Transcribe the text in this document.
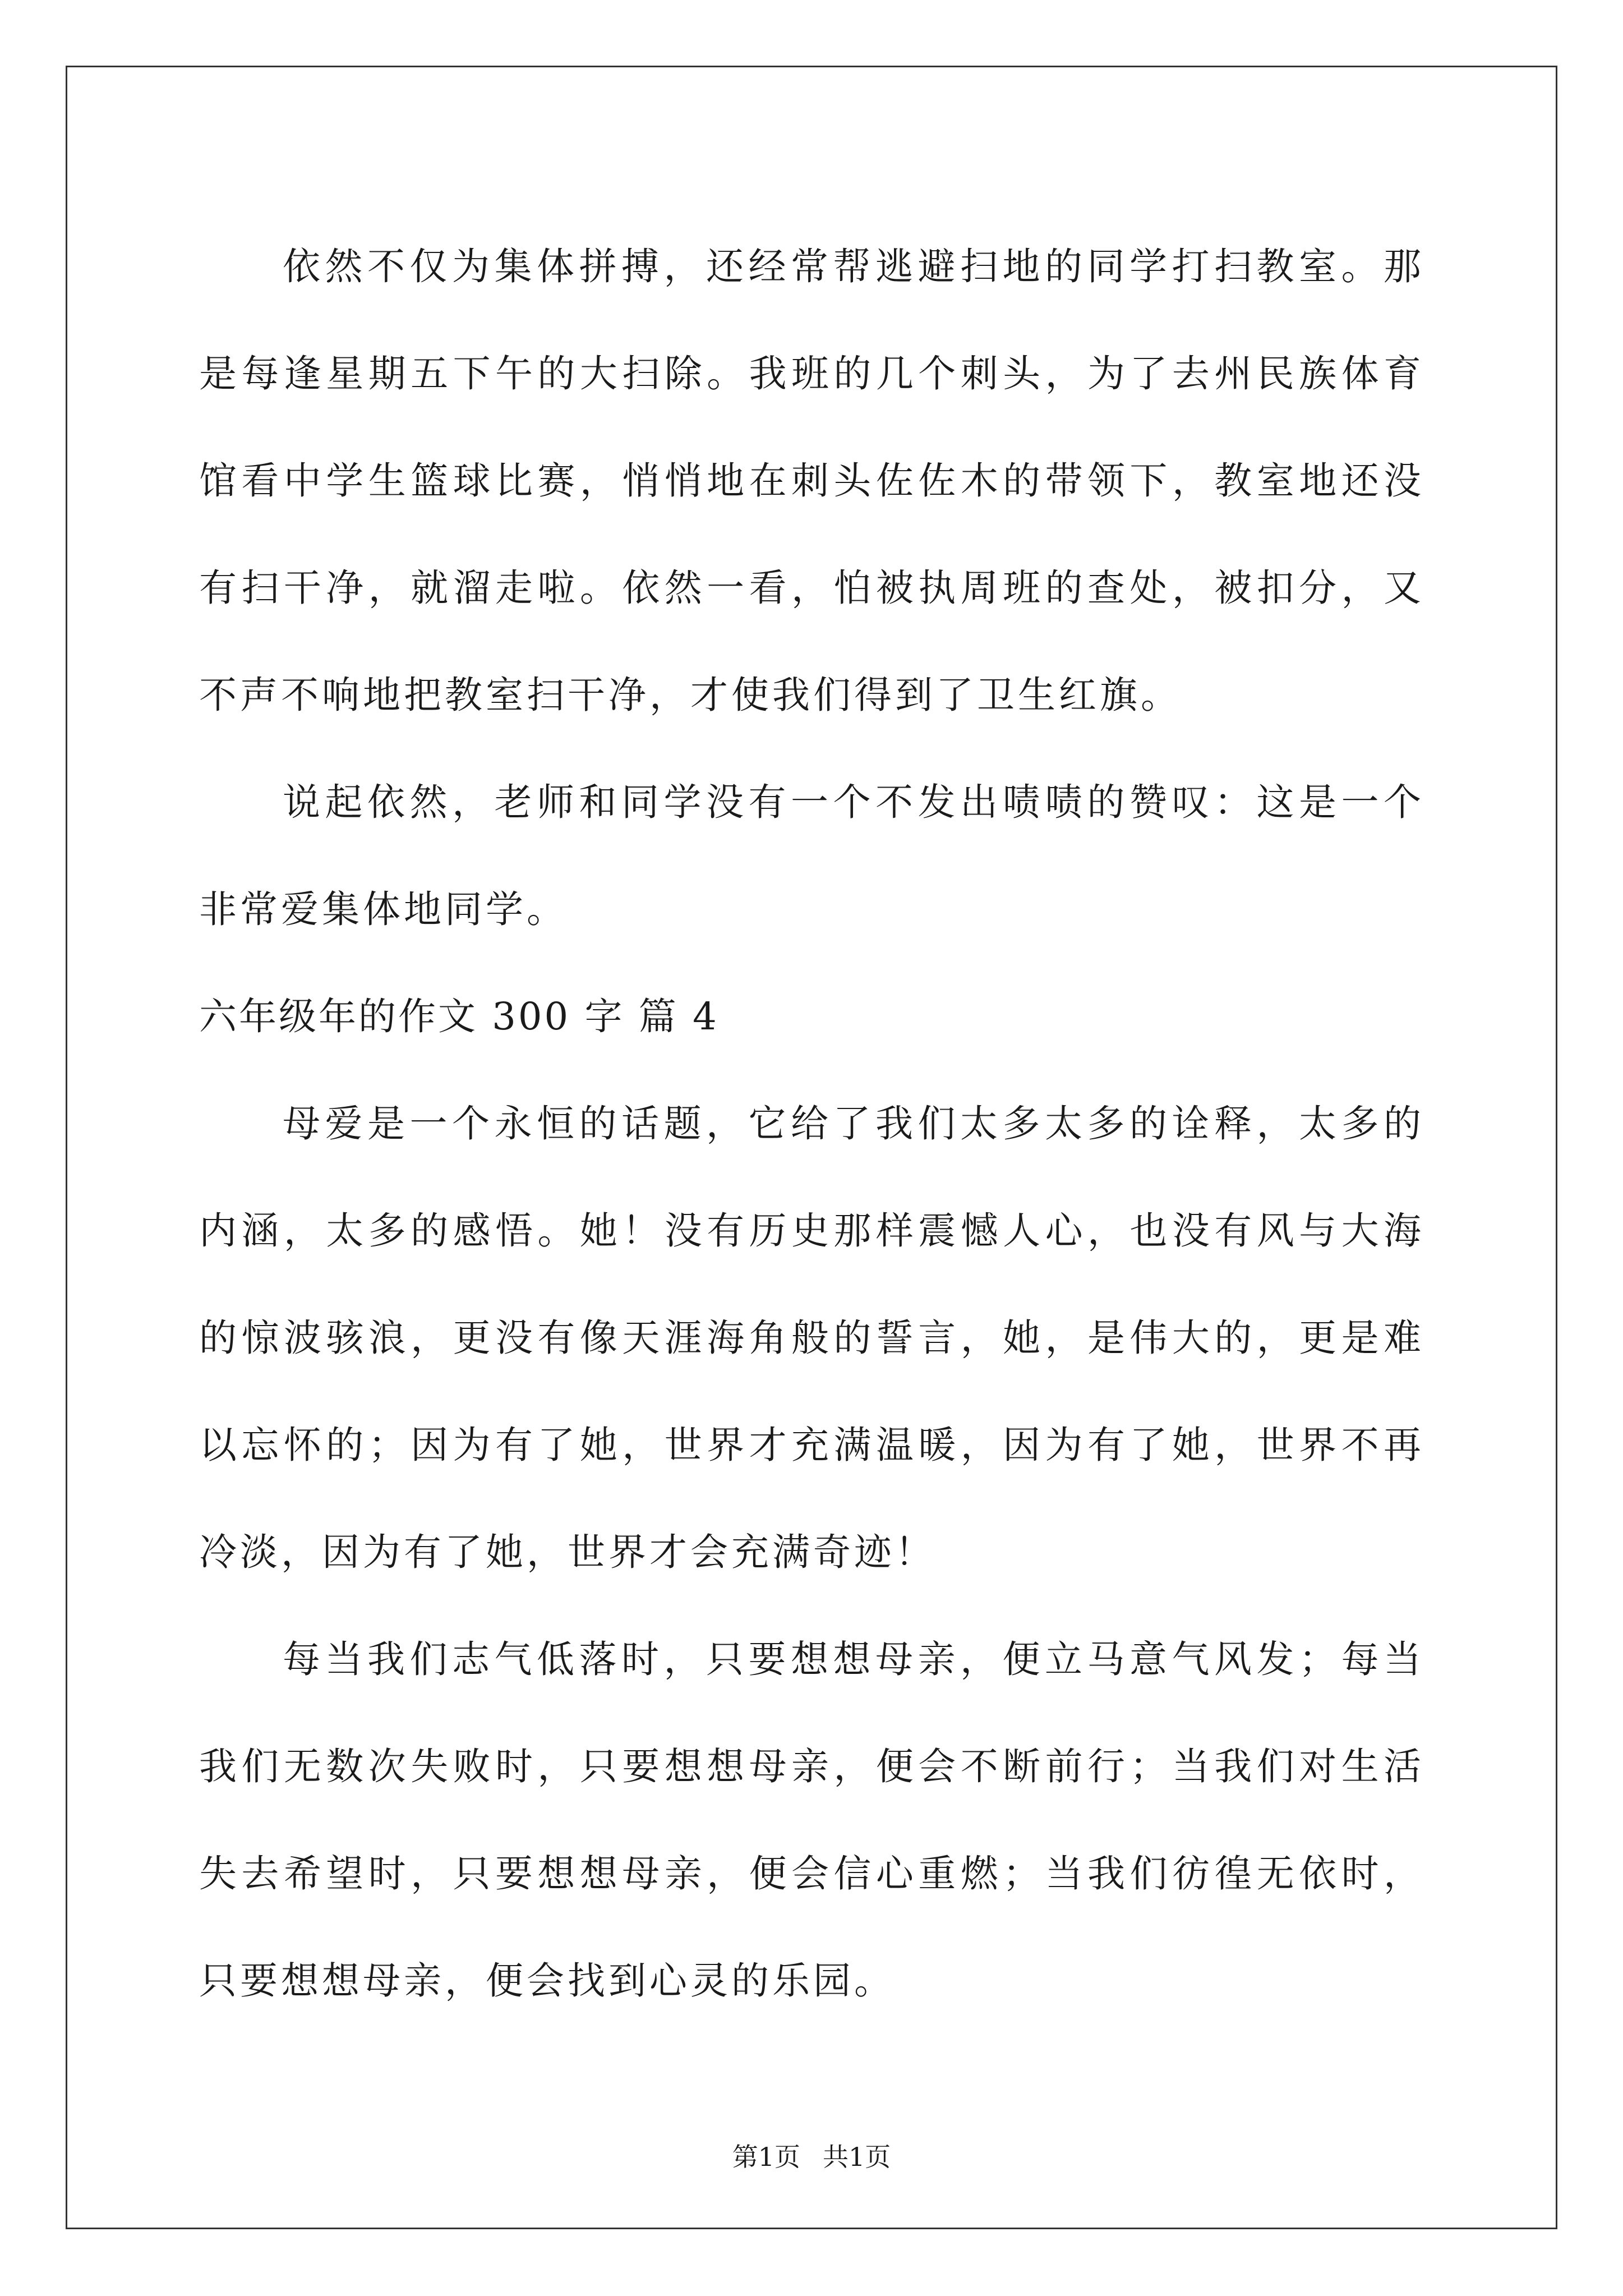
依然不仅为集体拼搏，还经常帮逃避扫地的同学打扫教室。那是每逢星期五下午的大扫除。我班的几个刺头，为了去州民族体育馆看中学生篮球比赛，悄悄地在刺头佐佐木的带领下，教室地还没有扫干净，就溜走啦。依然一看，怕被执周班的查处，被扣分，又不声不响地把教室扫干净，才使我们得到了卫生红旗。

说起依然，老师和同学没有一个不发出啧啧的赞叹：这是一个非常爱集体地同学。

六年级年的作文 300 字 篇 4

母爱是一个永恒的话题，它给了我们太多太多的诠释，太多的内涵，太多的感悟。她！没有历史那样震憾人心，也没有风与大海的惊波骇浪，更没有像天涯海角般的誓言，她，是伟大的，更是难以忘怀的；因为有了她，世界才充满温暖，因为有了她，世界不再冷淡，因为有了她，世界才会充满奇迹！

每当我们志气低落时，只要想想母亲，便立马意气风发；每当我们无数次失败时，只要想想母亲，便会不断前行；当我们对生活失去希望时，只要想想母亲，便会信心重燃；当我们彷徨无依时，只要想想母亲，便会找到心灵的乐园。

第1页 共1页
